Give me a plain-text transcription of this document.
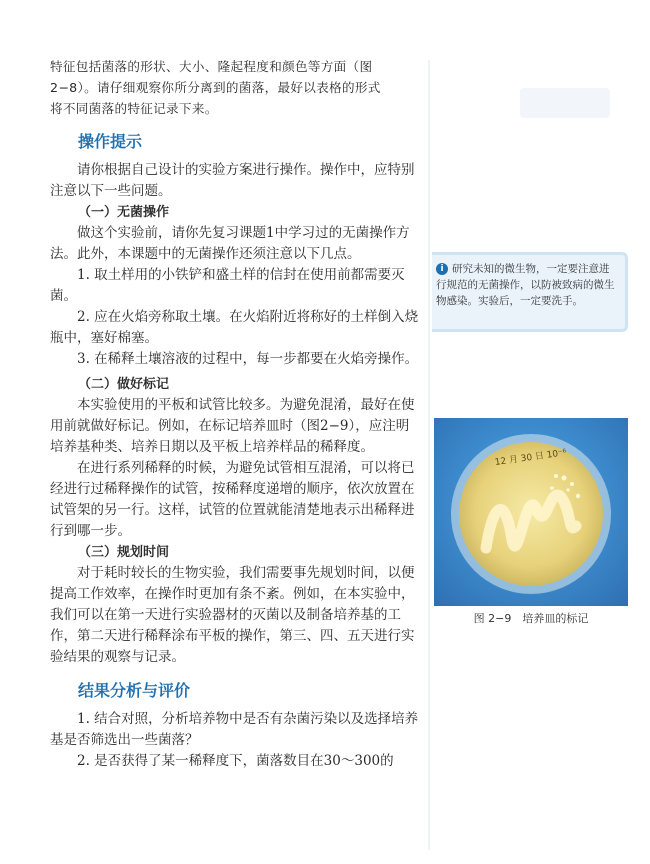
特征包括菌落的形状、大小、隆起程度和颜色等方面（图
2−8）。请仔细观察你所分离到的菌落，最好以表格的形式
将不同菌落的特征记录下来。

操作提示

请你根据自己设计的实验方案进行操作。操作中，应特别注意以下一些问题。

（一）无菌操作

做这个实验前，请你先复习课题1中学习过的无菌操作方法。此外，本课题中的无菌操作还须注意以下几点。

1. 取土样用的小铁铲和盛土样的信封在使用前都需要灭菌。

2. 应在火焰旁称取土壤。在火焰附近将称好的土样倒入烧瓶中，塞好棉塞。

3. 在稀释土壤溶液的过程中，每一步都要在火焰旁操作。

（二）做好标记

本实验使用的平板和试管比较多。为避免混淆，最好在使用前就做好标记。例如，在标记培养皿时（图2−9），应注明培养基种类、培养日期以及平板上培养样品的稀释度。

在进行系列稀释的时候，为避免试管相互混淆，可以将已经进行过稀释操作的试管，按稀释度递增的顺序，依次放置在试管架的另一行。这样，试管的位置就能清楚地表示出稀释进行到哪一步。

（三）规划时间

对于耗时较长的生物实验，我们需要事先规划时间，以便提高工作效率，在操作时更加有条不紊。例如，在本实验中，我们可以在第一天进行实验器材的灭菌以及制备培养基的工作，第二天进行稀释涂布平板的操作，第三、四、五天进行实验结果的观察与记录。

结果分析与评价

1. 结合对照，分析培养物中是否有杂菌污染以及选择培养基是否筛选出一些菌落？

2. 是否获得了某一稀释度下，菌落数目在30～300的

i 研究未知的微生物，一定要注意进行规范的无菌操作，以防被致病的微生物感染。实验后，一定要洗手。
12 月 30 日 10⁻⁶
图 2−9　培养皿的标记
